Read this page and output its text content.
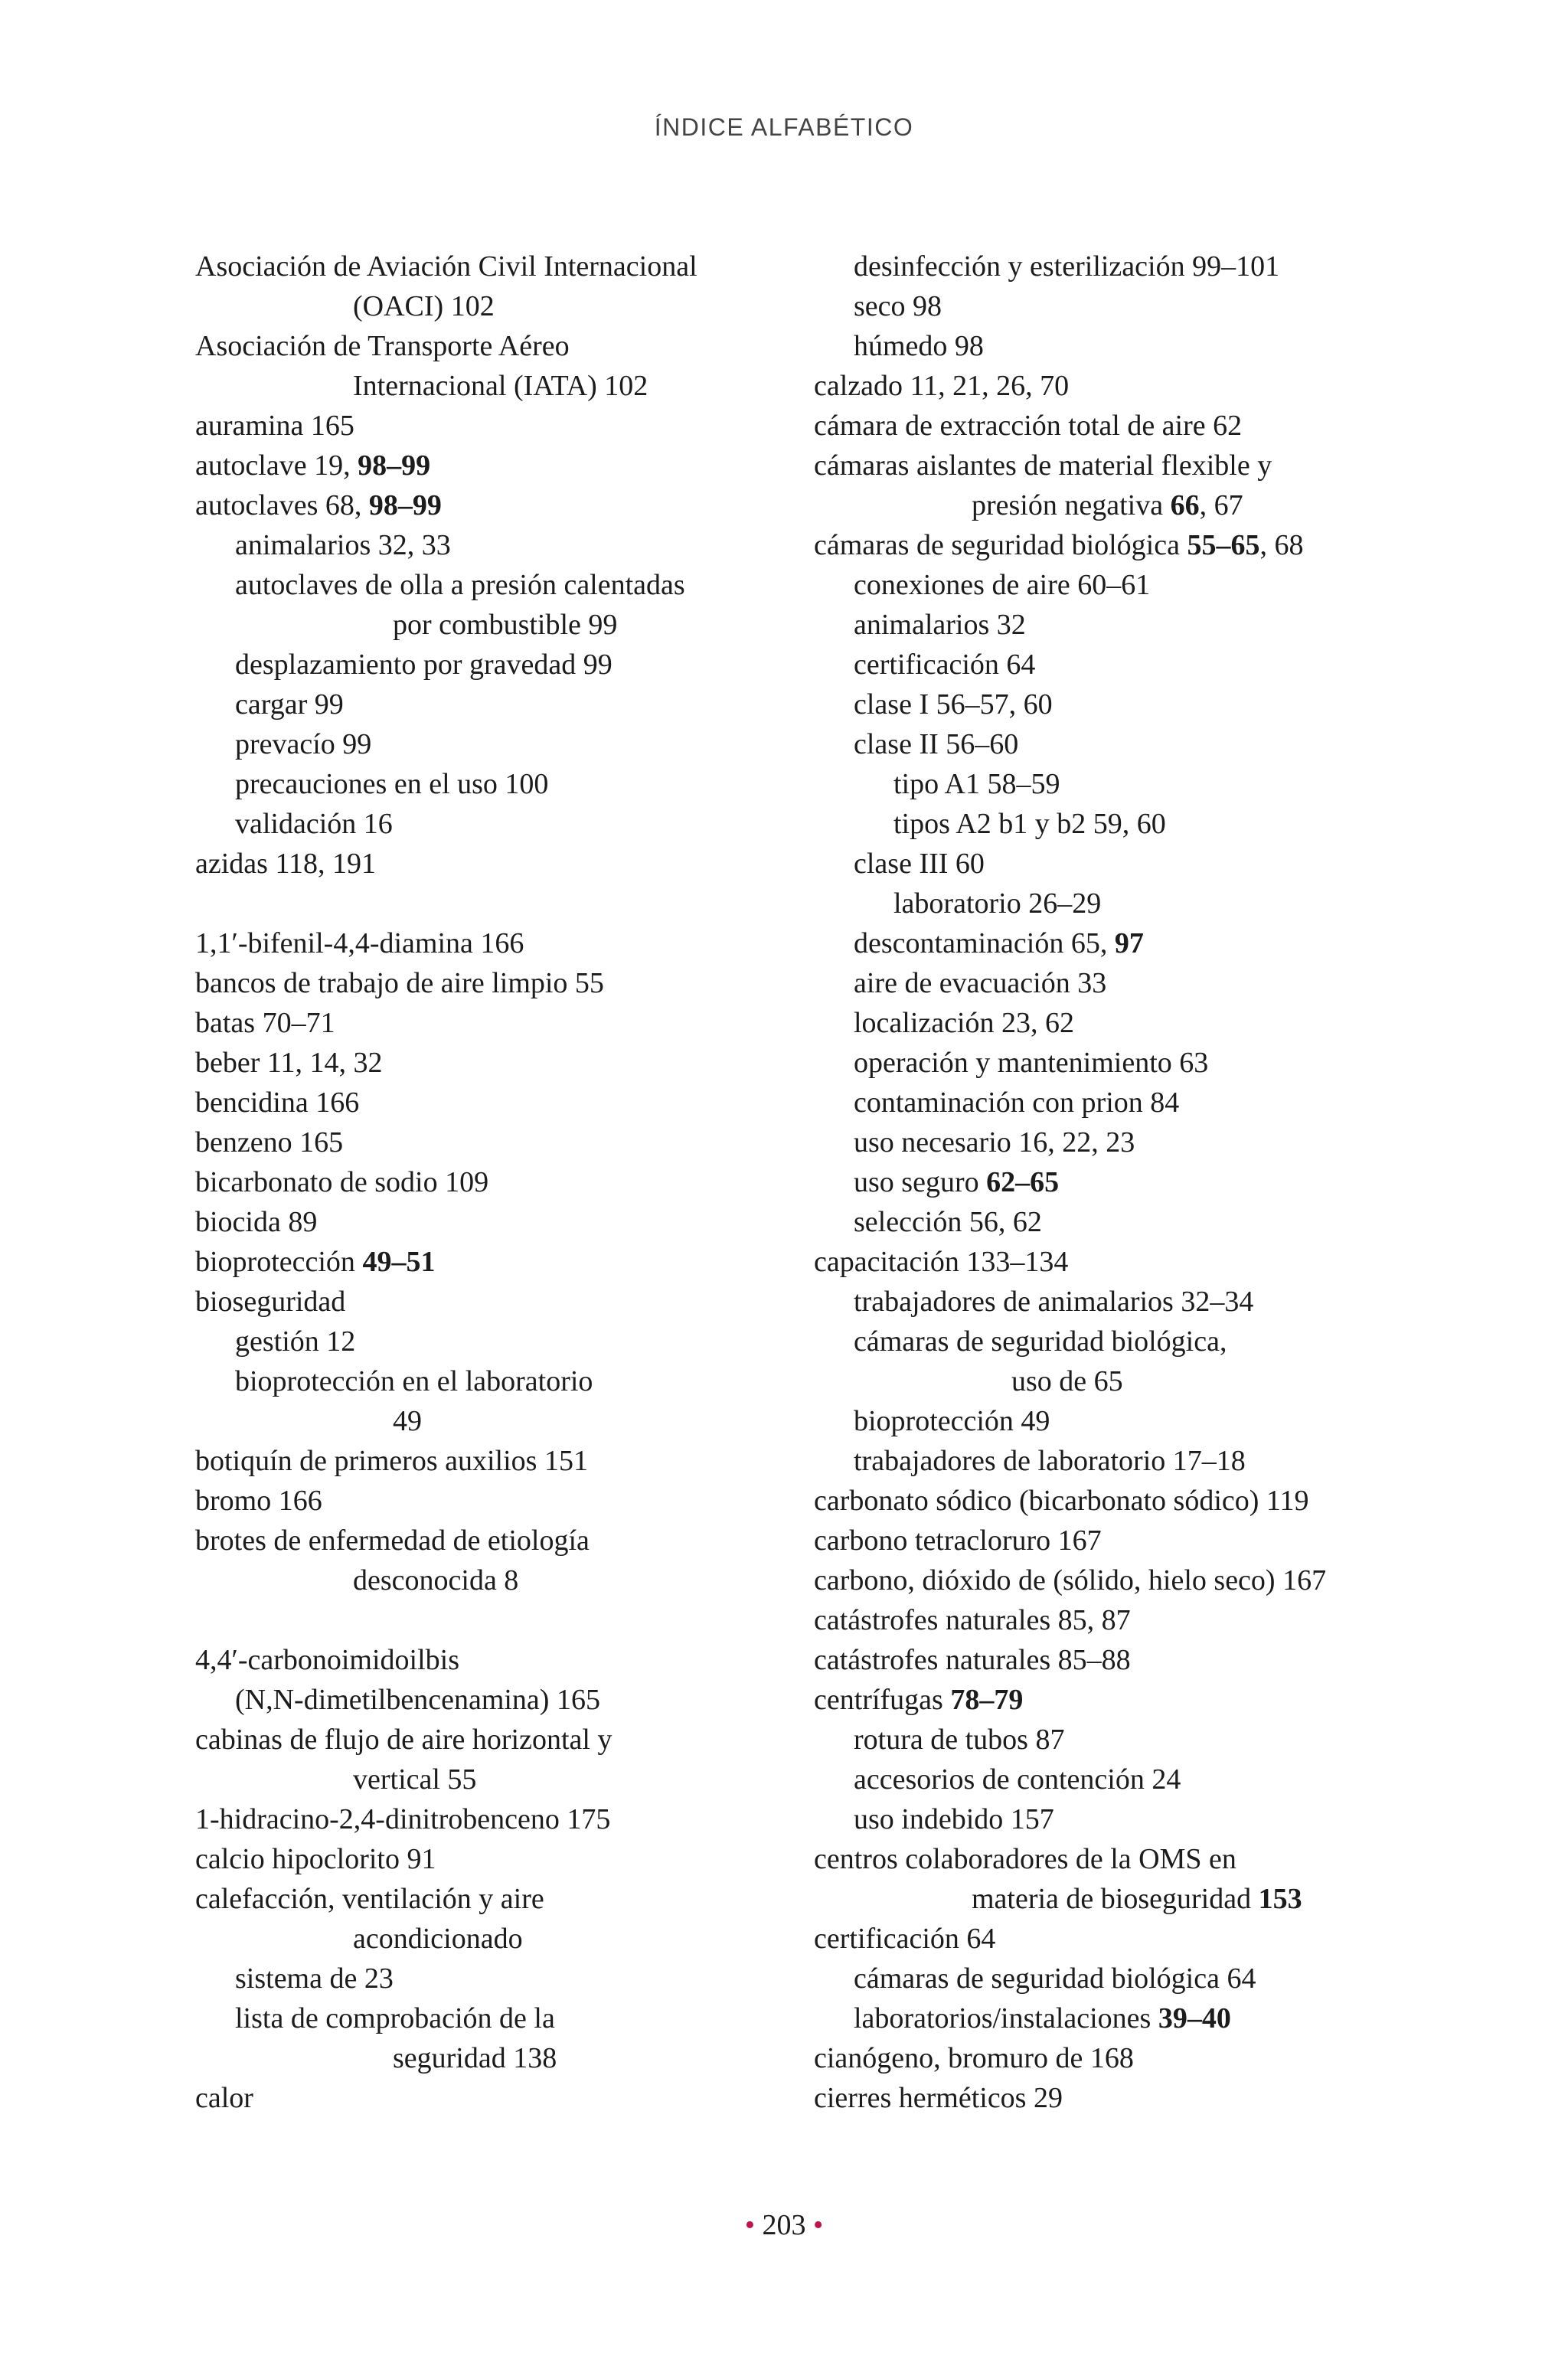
ÍNDICE ALFABÉTICO
Asociación de Aviación Civil Internacional
(OACI) 102
Asociación de Transporte Aéreo
Internacional (IATA) 102
auramina 165
autoclave 19, 98–99
autoclaves 68, 98–99
animalarios 32, 33
autoclaves de olla a presión calentadas
por combustible 99
desplazamiento por gravedad 99
cargar 99
prevacío 99
precauciones en el uso 100
validación 16
azidas 118, 191
1,1′-bifenil-4,4-diamina 166
bancos de trabajo de aire limpio 55
batas 70–71
beber 11, 14, 32
bencidina 166
benzeno 165
bicarbonato de sodio 109
biocida 89
bioprotección 49–51
bioseguridad
gestión 12
bioprotección en el laboratorio
49
botiquín de primeros auxilios 151
bromo 166
brotes de enfermedad de etiología
desconocida 8
4,4′-carbonoimidoilbis
(N,N-dimetilbencenamina) 165
cabinas de flujo de aire horizontal y
vertical 55
1-hidracino-2,4-dinitrobenceno 175
calcio hipoclorito 91
calefacción, ventilación y aire
acondicionado
sistema de 23
lista de comprobación de la
seguridad 138
calor
desinfección y esterilización 99–101
seco 98
húmedo 98
calzado 11, 21, 26, 70
cámara de extracción total de aire 62
cámaras aislantes de material flexible y
presión negativa 66, 67
cámaras de seguridad biológica 55–65, 68
conexiones de aire 60–61
animalarios 32
certificación 64
clase I 56–57, 60
clase II 56–60
tipo A1 58–59
tipos A2 b1 y b2 59, 60
clase III 60
laboratorio 26–29
descontaminación 65, 97
aire de evacuación 33
localización 23, 62
operación y mantenimiento 63
contaminación con prion 84
uso necesario 16, 22, 23
uso seguro 62–65
selección 56, 62
capacitación 133–134
trabajadores de animalarios 32–34
cámaras de seguridad biológica,
uso de 65
bioprotección 49
trabajadores de laboratorio 17–18
carbonato sódico (bicarbonato sódico) 119
carbono tetracloruro 167
carbono, dióxido de (sólido, hielo seco) 167
catástrofes naturales 85, 87
catástrofes naturales 85–88
centrífugas 78–79
rotura de tubos 87
accesorios de contención 24
uso indebido 157
centros colaboradores de la OMS en
materia de bioseguridad 153
certificación 64
cámaras de seguridad biológica 64
laboratorios/instalaciones 39–40
cianógeno, bromuro de 168
cierres herméticos 29
• 203 •
